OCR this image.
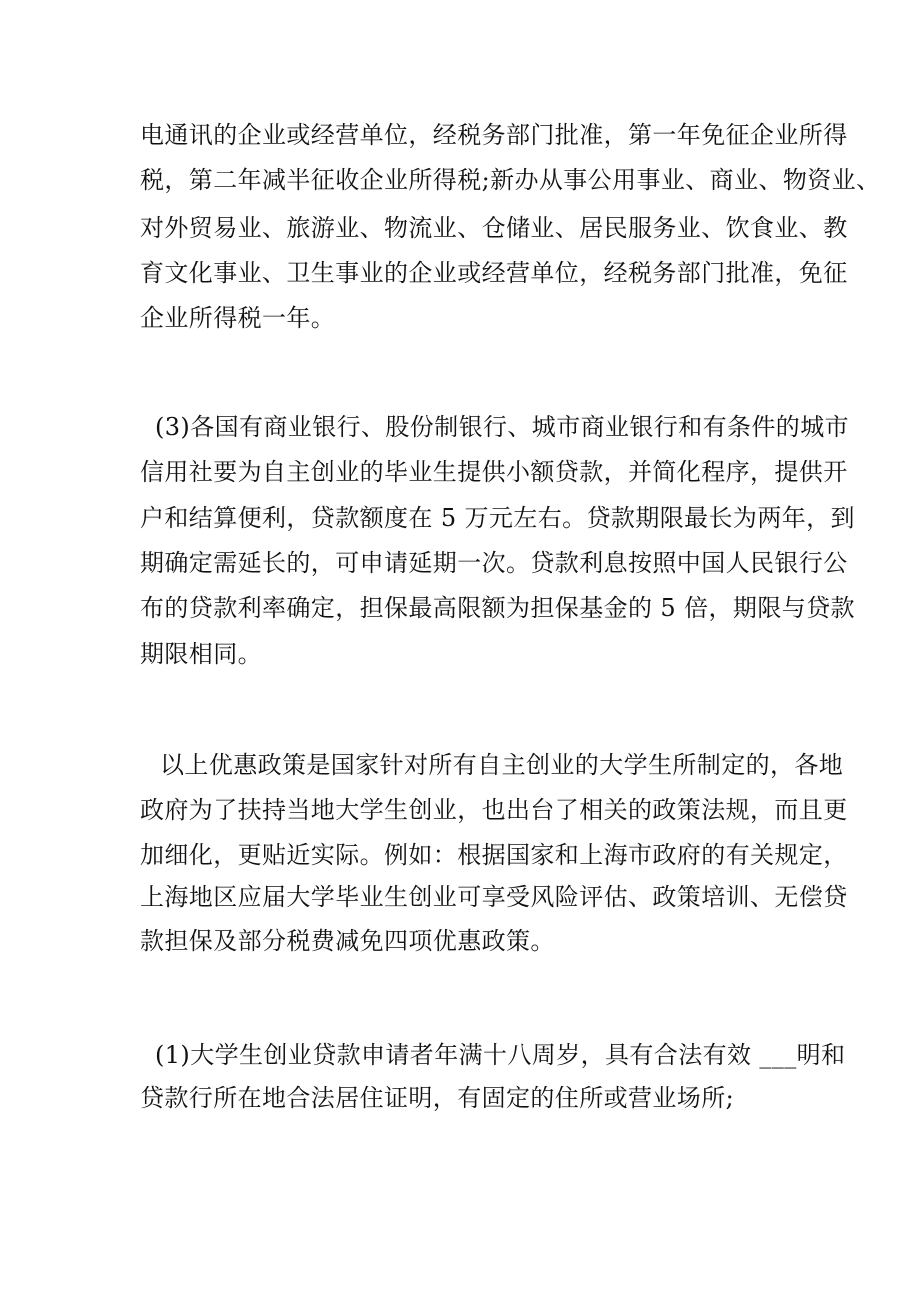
电通讯的企业或经营单位，经税务部门批准，第一年免征企业所得
税，第二年减半征收企业所得税;新办从事公用事业、商业、物资业、
对外贸易业、旅游业、物流业、仓储业、居民服务业、饮食业、教
育文化事业、卫生事业的企业或经营单位，经税务部门批准，免征
企业所得税一年。
(3)各国有商业银行、股份制银行、城市商业银行和有条件的城市
信用社要为自主创业的毕业生提供小额贷款，并简化程序，提供开
户和结算便利，贷款额度在 5 万元左右。贷款期限最长为两年，到
期确定需延长的，可申请延期一次。贷款利息按照中国人民银行公
布的贷款利率确定，担保最高限额为担保基金的 5 倍，期限与贷款
期限相同。
以上优惠政策是国家针对所有自主创业的大学生所制定的，各地
政府为了扶持当地大学生创业，也出台了相关的政策法规，而且更
加细化，更贴近实际。例如：根据国家和上海市政府的有关规定，
上海地区应届大学毕业生创业可享受风险评估、政策培训、无偿贷
款担保及部分税费减免四项优惠政策。
(1)大学生创业贷款申请者年满十八周岁，具有合法有效 ___明和
贷款行所在地合法居住证明，有固定的住所或营业场所;
